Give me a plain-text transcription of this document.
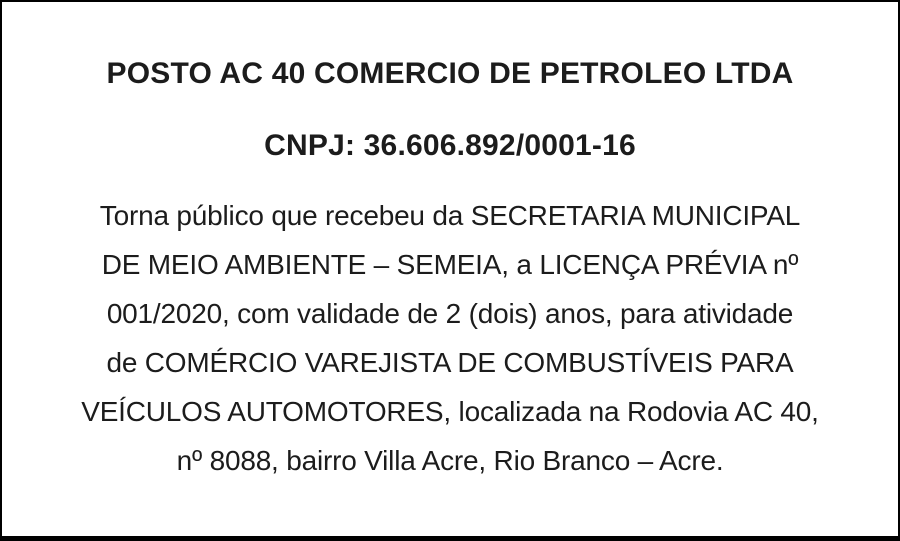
POSTO AC 40 COMERCIO DE PETROLEO LTDA
CNPJ: 36.606.892/0001-16
Torna público que recebeu da SECRETARIA MUNICIPAL
DE MEIO AMBIENTE – SEMEIA, a LICENÇA PRÉVIA nº
001/2020, com validade de 2 (dois) anos, para atividade
de COMÉRCIO VAREJISTA DE COMBUSTÍVEIS PARA
VEÍCULOS AUTOMOTORES, localizada na Rodovia AC 40,
nº 8088, bairro Villa Acre, Rio Branco – Acre.
